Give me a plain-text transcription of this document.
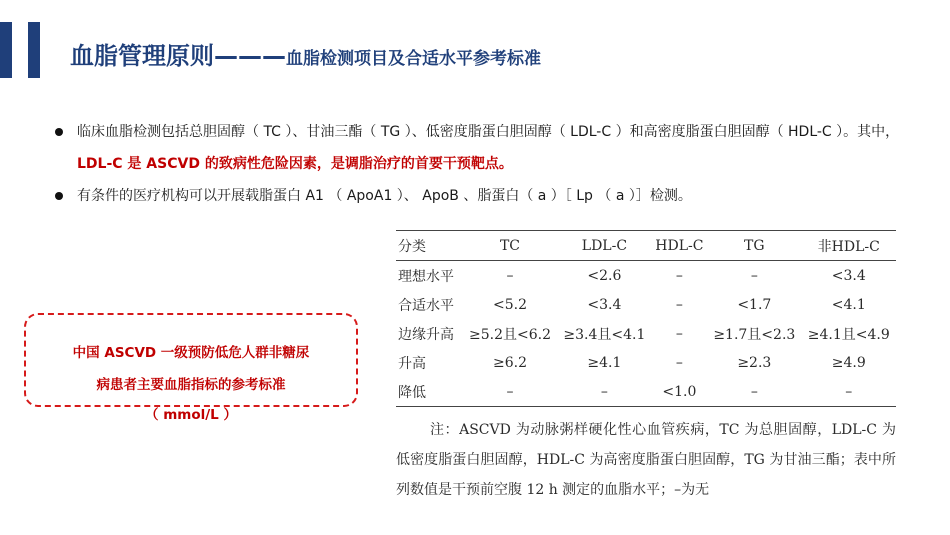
血脂管理原则———血脂检测项目及合适水平参考标准
临床血脂检测包括总胆固醇（ TC ）、甘油三酯（ TG ）、低密度脂蛋白胆固醇（ LDL-C ）和高密度脂蛋白胆固醇（ HDL-C ）。其中，LDL-C 是 ASCVD 的致病性危险因素，是调脂治疗的首要干预靶点。
有条件的医疗机构可以开展载脂蛋白 A1 （ ApoA1 ）、 ApoB 、脂蛋白（ a ）［ Lp （ a ）］检测。
中国 ASCVD 一级预防低危人群非糖尿
病患者主要血脂指标的参考标准
（ mmol/L ）
分类	TC	LDL-C	HDL-C	TG	非HDL-C
理想水平	–	<2.6	–	–	<3.4
合适水平	<5.2	<3.4	–	<1.7	<4.1
边缘升高	≥5.2且<6.2	≥3.4且<4.1	–	≥1.7且<2.3	≥4.1且<4.9
升高	≥6.2	≥4.1	–	≥2.3	≥4.9
降低	–	–	<1.0	–	–
注：ASCVD 为动脉粥样硬化性心血管疾病，TC 为总胆固醇，LDL-C 为低密度脂蛋白胆固醇，HDL-C 为高密度脂蛋白胆固醇，TG 为甘油三酯；表中所列数值是干预前空腹 12 h 测定的血脂水平；–为无
